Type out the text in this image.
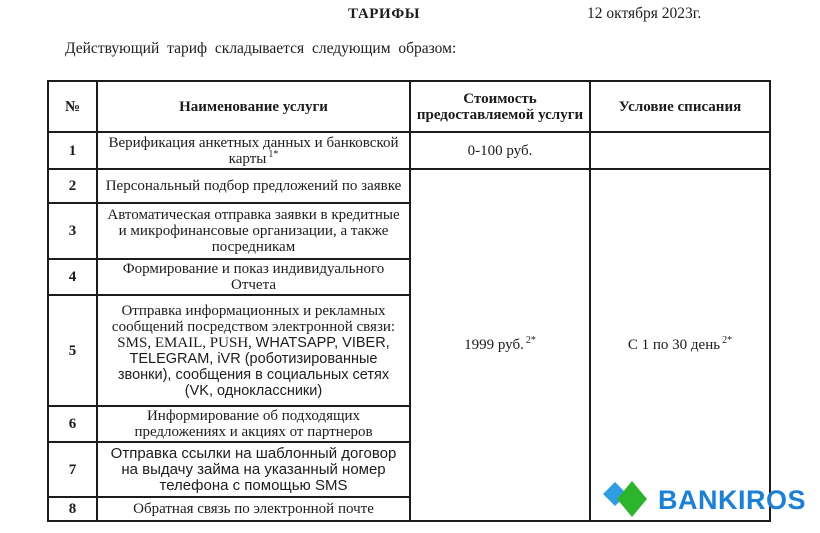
ТАРИФЫ	12 октября 2023г.
Действующий тариф складывается следующим образом:
№	Наименование услуги	Стоимость предоставляемой услуги	Условие списания
1	Верификация анкетных данных и банковской карты $^{1*}$	0-100 руб.	
2	Персональный подбор предложений по заявке	1999 руб. $^{2*}$	С 1 по 30 день $^{2*}$
3	Автоматическая отправка заявки в кредитные и микрофинансовые организации, а также посредникам		
4	Формирование и показ индивидуального Отчета		
5	Отправка информационных и рекламных сообщений посредством электронной связи: SMS, EMAIL, PUSH, WHATSAPP, VIBER, TELEGRAM, iVR (роботизированные звонки), сообщения в социальных сетях (VK, одноклассники)		
6	Информирование об подходящих предложениях и акциях от партнеров		
7	Отправка ссылки на шаблонный договор на выдачу займа на указанный номер телефона с помощью SMS		
8	Обратная связь по электронной почте			BANKIROS
